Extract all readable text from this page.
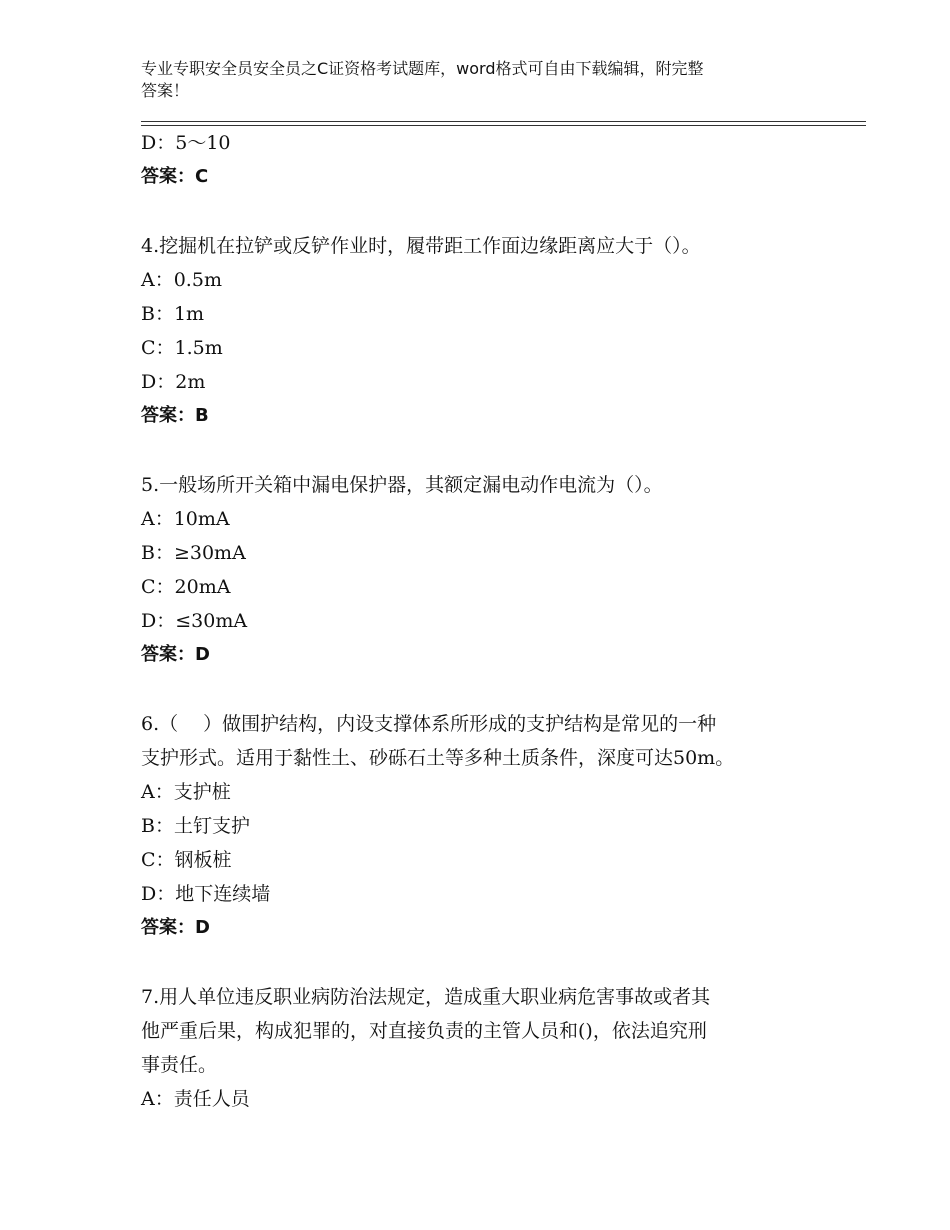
专业专职安全员安全员之C证资格考试题库，word格式可自由下载编辑，附完整
答案！
D：5～10
答案：C
4.挖掘机在拉铲或反铲作业时，履带距工作面边缘距离应大于（）。
A：0.5m
B：1m
C：1.5m
D：2m
答案：B
5.一般场所开关箱中漏电保护器，其额定漏电动作电流为（）。
A：10mA
B：≥30mA
C：20mA
D：≤30mA
答案：D
6.（　 ）做围护结构，内设支撑体系所形成的支护结构是常见的一种
支护形式。适用于黏性土、砂砾石土等多种土质条件，深度可达50m。
A：支护桩
B：土钉支护
C：钢板桩
D：地下连续墙
答案：D
7.用人单位违反职业病防治法规定，造成重大职业病危害事故或者其
他严重后果，构成犯罪的，对直接负责的主管人员和()，依法追究刑
事责任。
A：责任人员
